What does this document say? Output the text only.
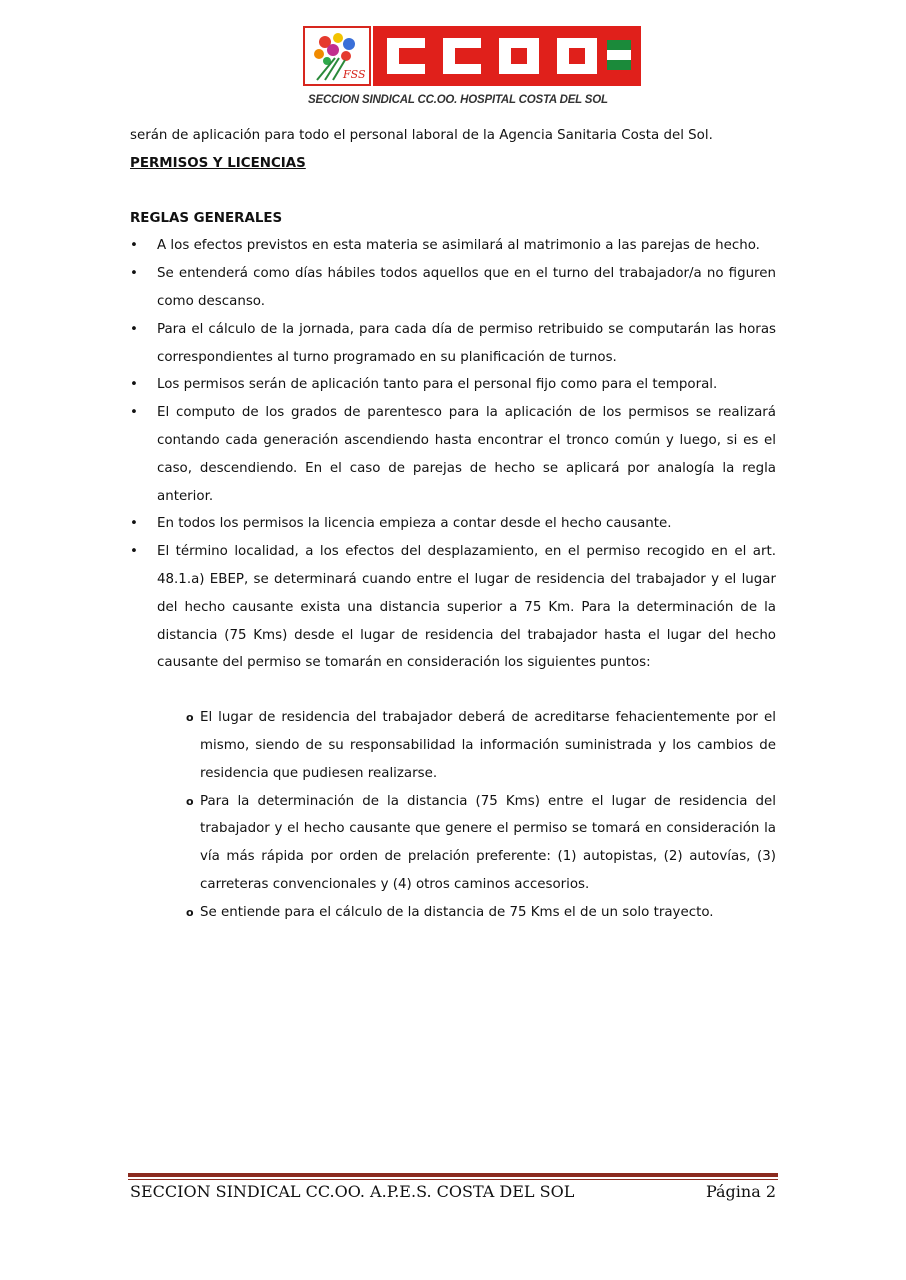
FSS
SECCION SINDICAL CC.OO. HOSPITAL COSTA DEL SOL

serán de aplicación para todo el personal laboral de la Agencia Sanitaria Costa del Sol.

PERMISOS Y LICENCIAS

REGLAS GENERALES

• A los efectos previstos en esta materia se asimilará al matrimonio a las parejas de hecho.
• Se entenderá como días hábiles todos aquellos que en el turno del trabajador/a no figuren como descanso.
• Para el cálculo de la jornada, para cada día de permiso retribuido se computarán las horas correspondientes al turno programado en su planificación de turnos.
• Los permisos serán de aplicación tanto para el personal fijo como para el temporal.
• El computo de los grados de parentesco para la aplicación de los permisos se realizará contando cada generación ascendiendo hasta encontrar el tronco común y luego, si es el caso, descendiendo. En el caso de parejas de hecho se aplicará por analogía la regla anterior.
• En todos los permisos la licencia empieza a contar desde el hecho causante.
• El término localidad, a los efectos del desplazamiento, en el permiso recogido en el art. 48.1.a) EBEP, se determinará cuando entre el lugar de residencia del trabajador y el lugar del hecho causante exista una distancia superior a 75 Km. Para la determinación de la distancia (75 Kms) desde el lugar de residencia del trabajador hasta el lugar del hecho causante del permiso se tomarán en consideración los siguientes puntos:
o El lugar de residencia del trabajador deberá de acreditarse fehacientemente por el mismo, siendo de su responsabilidad la información suministrada y los cambios de residencia que pudiesen realizarse.
o Para la determinación de la distancia (75 Kms) entre el lugar de residencia del trabajador y el hecho causante que genere el permiso se tomará en consideración la vía más rápida por orden de prelación preferente: (1) autopistas, (2) autovías, (3) carreteras convencionales y (4) otros caminos accesorios.
o Se entiende para el cálculo de la distancia de 75 Kms el de un solo trayecto.
SECCION SINDICAL CC.OO. A.P.E.S. COSTA DEL SOL	Página 2
